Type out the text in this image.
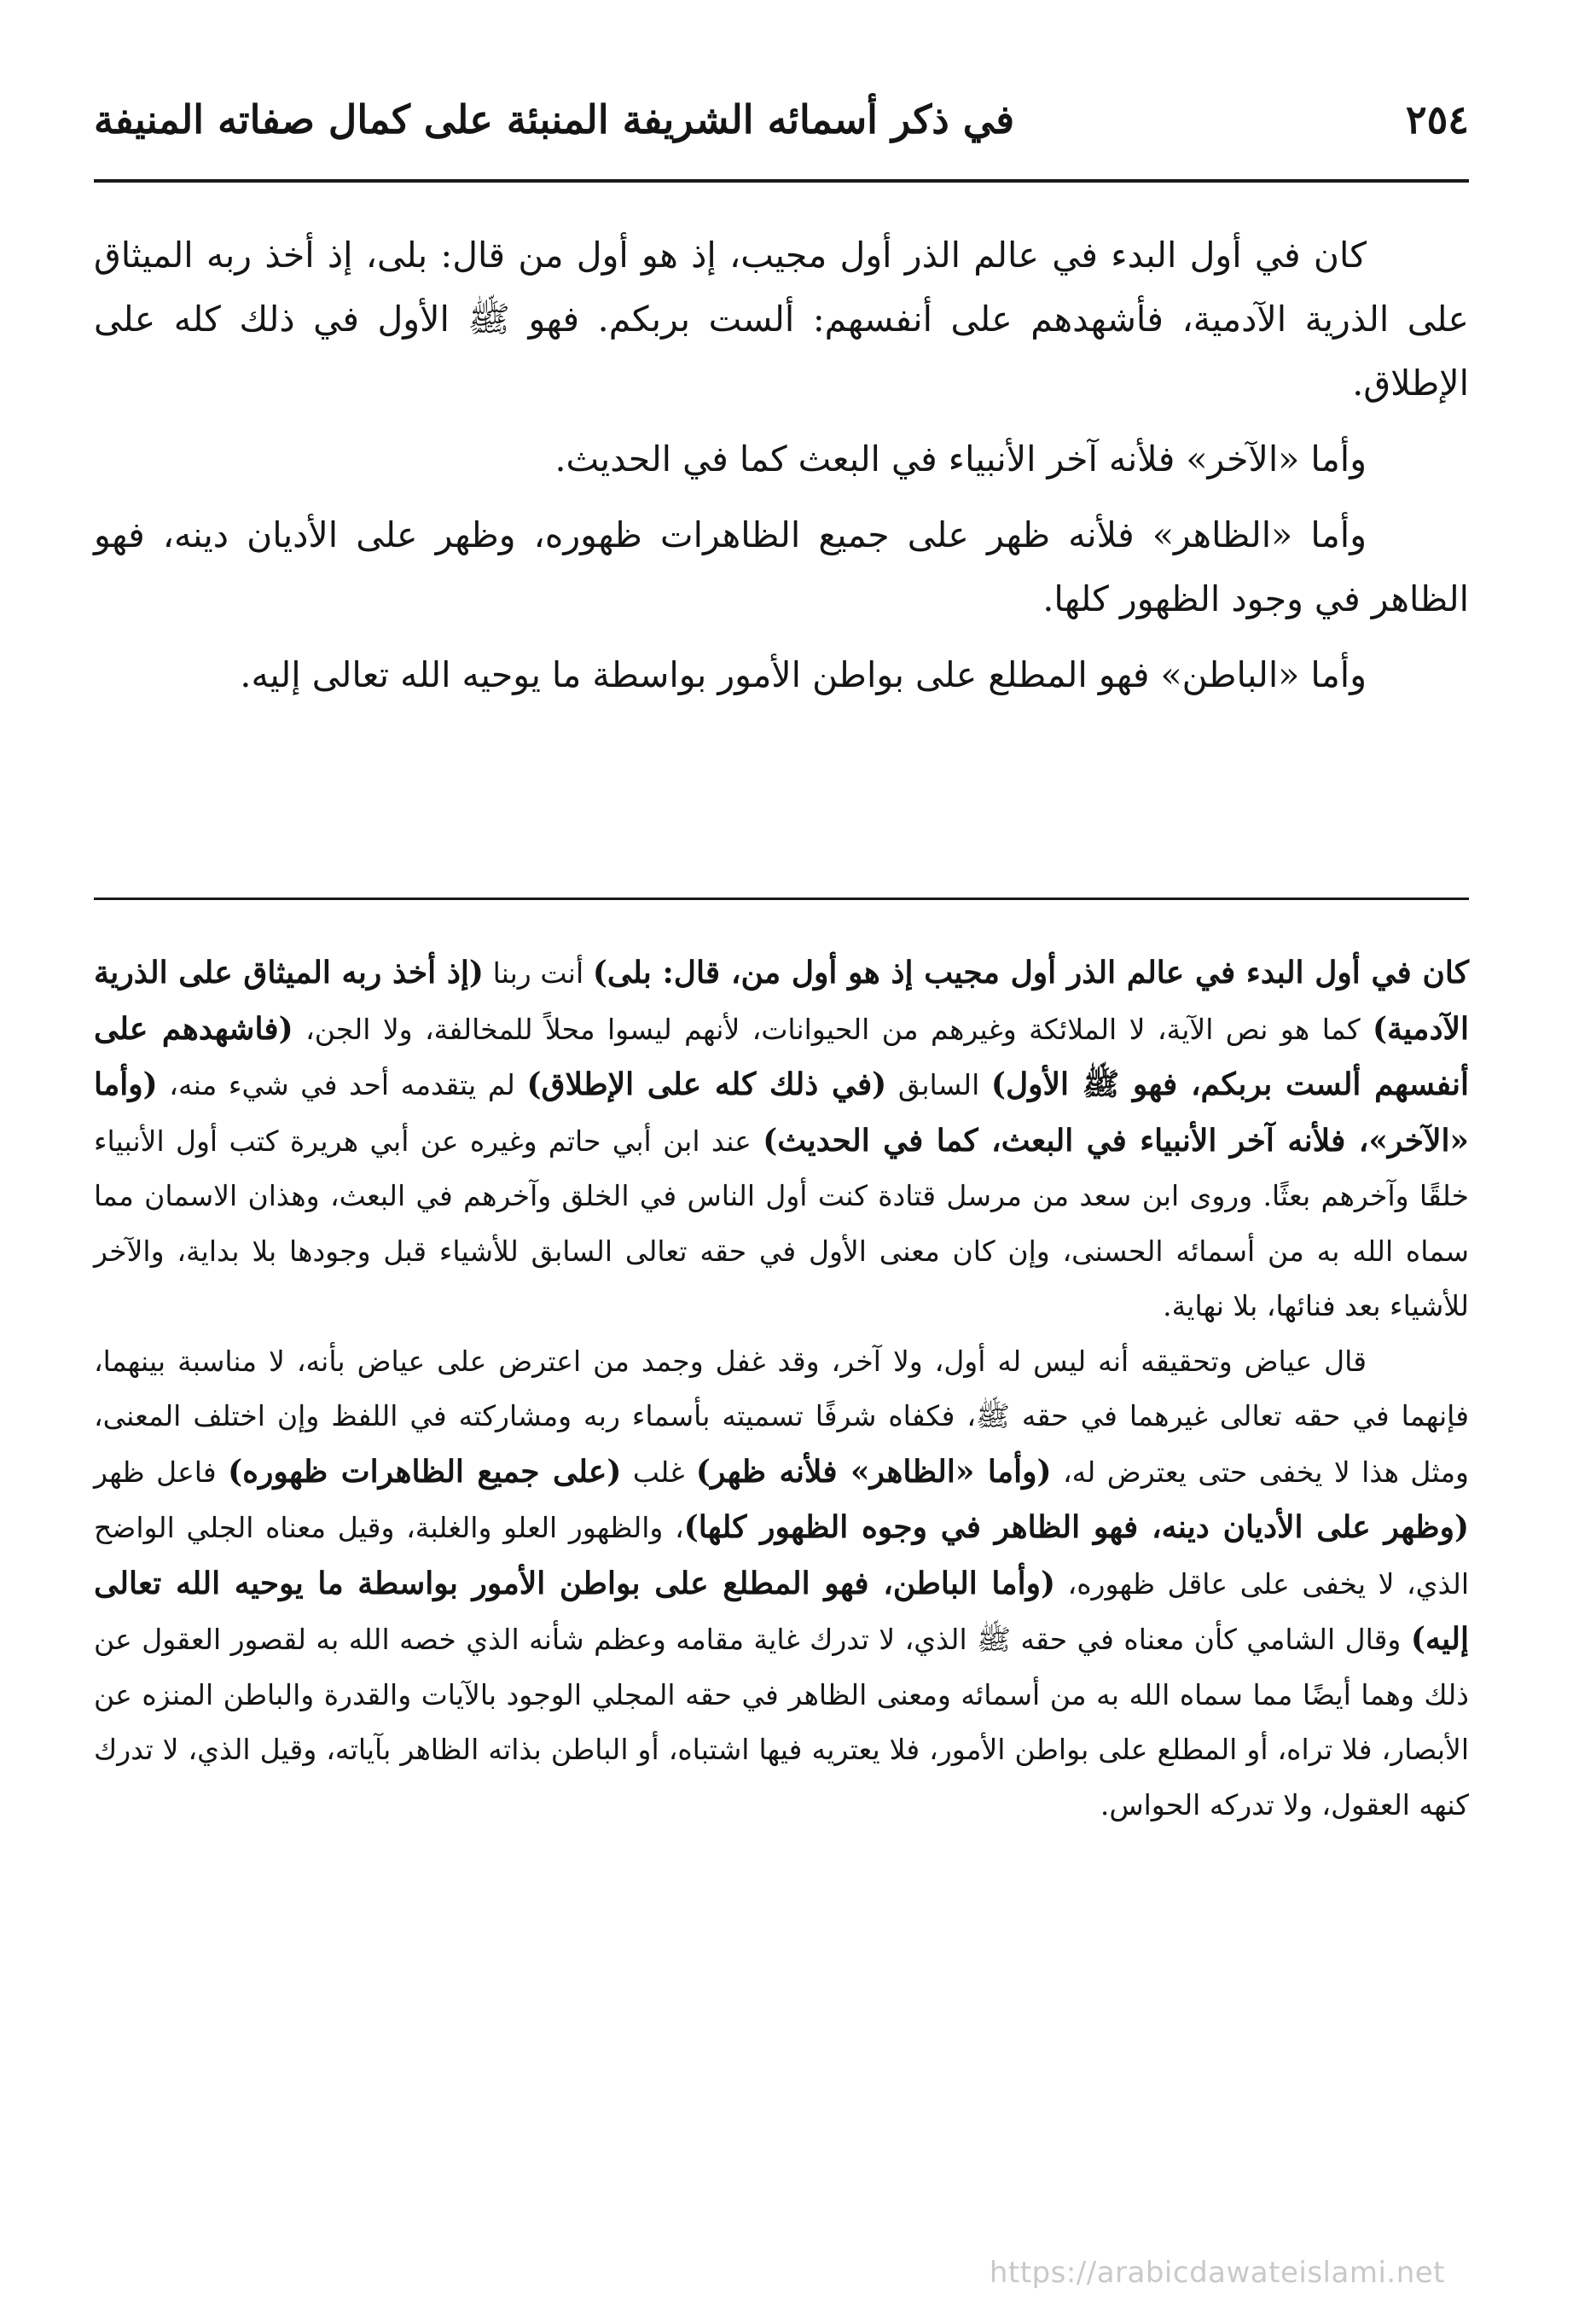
٢٥٤
في ذكر أسمائه الشريفة المنبئة على كمال صفاته المنيفة

كان في أول البدء في عالم الذر أول مجيب، إذ هو أول من قال: بلى، إذ أخذ ربه الميثاق على الذرية الآدمية، فأشهدهم على أنفسهم: ألست بربكم. فهو ﷺ الأول في ذلك كله على الإطلاق.

وأما «الآخر» فلأنه آخر الأنبياء في البعث كما في الحديث.

وأما «الظاهر» فلأنه ظهر على جميع الظاهرات ظهوره، وظهر على الأديان دينه، فهو الظاهر في وجود الظهور كلها.

وأما «الباطن» فهو المطلع على بواطن الأمور بواسطة ما يوحيه الله تعالى إليه.

كان في أول البدء في عالم الذر أول مجيب إذ هو أول من، قال: بلى) أنت ربنا (إذ أخذ ربه الميثاق على الذرية الآدمية) كما هو نص الآية، لا الملائكة وغيرهم من الحيوانات، لأنهم ليسوا محلاً للمخالفة، ولا الجن، (فاشهدهم على أنفسهم ألست بربكم، فهو ﷺ الأول) السابق (في ذلك كله على الإطلاق) لم يتقدمه أحد في شيء منه، (وأما «الآخر»، فلأنه آخر الأنبياء في البعث، كما في الحديث) عند ابن أبي حاتم وغيره عن أبي هريرة كتب أول الأنبياء خلقًا وآخرهم بعثًا. وروى ابن سعد من مرسل قتادة كنت أول الناس في الخلق وآخرهم في البعث، وهذان الاسمان مما سماه الله به من أسمائه الحسنى، وإن كان معنى الأول في حقه تعالى السابق للأشياء قبل وجودها بلا بداية، والآخر للأشياء بعد فنائها، بلا نهاية.

قال عياض وتحقيقه أنه ليس له أول، ولا آخر، وقد غفل وجمد من اعترض على عياض بأنه، لا مناسبة بينهما، فإنهما في حقه تعالى غيرهما في حقه ﷺ، فكفاه شرفًا تسميته بأسماء ربه ومشاركته في اللفظ وإن اختلف المعنى، ومثل هذا لا يخفى حتى يعترض له، (وأما «الظاهر» فلأنه ظهر) غلب (على جميع الظاهرات ظهوره) فاعل ظهر (وظهر على الأديان دينه، فهو الظاهر في وجوه الظهور كلها)، والظهور العلو والغلبة، وقيل معناه الجلي الواضح الذي، لا يخفى على عاقل ظهوره، (وأما الباطن، فهو المطلع على بواطن الأمور بواسطة ما يوحيه الله تعالى إليه) وقال الشامي كأن معناه في حقه ﷺ الذي، لا تدرك غاية مقامه وعظم شأنه الذي خصه الله به لقصور العقول عن ذلك وهما أيضًا مما سماه الله به من أسمائه ومعنى الظاهر في حقه المجلي الوجود بالآيات والقدرة والباطن المنزه عن الأبصار، فلا تراه، أو المطلع على بواطن الأمور، فلا يعتريه فيها اشتباه، أو الباطن بذاته الظاهر بآياته، وقيل الذي، لا تدرك كنهه العقول، ولا تدركه الحواس.

https://arabicdawateislami.net
